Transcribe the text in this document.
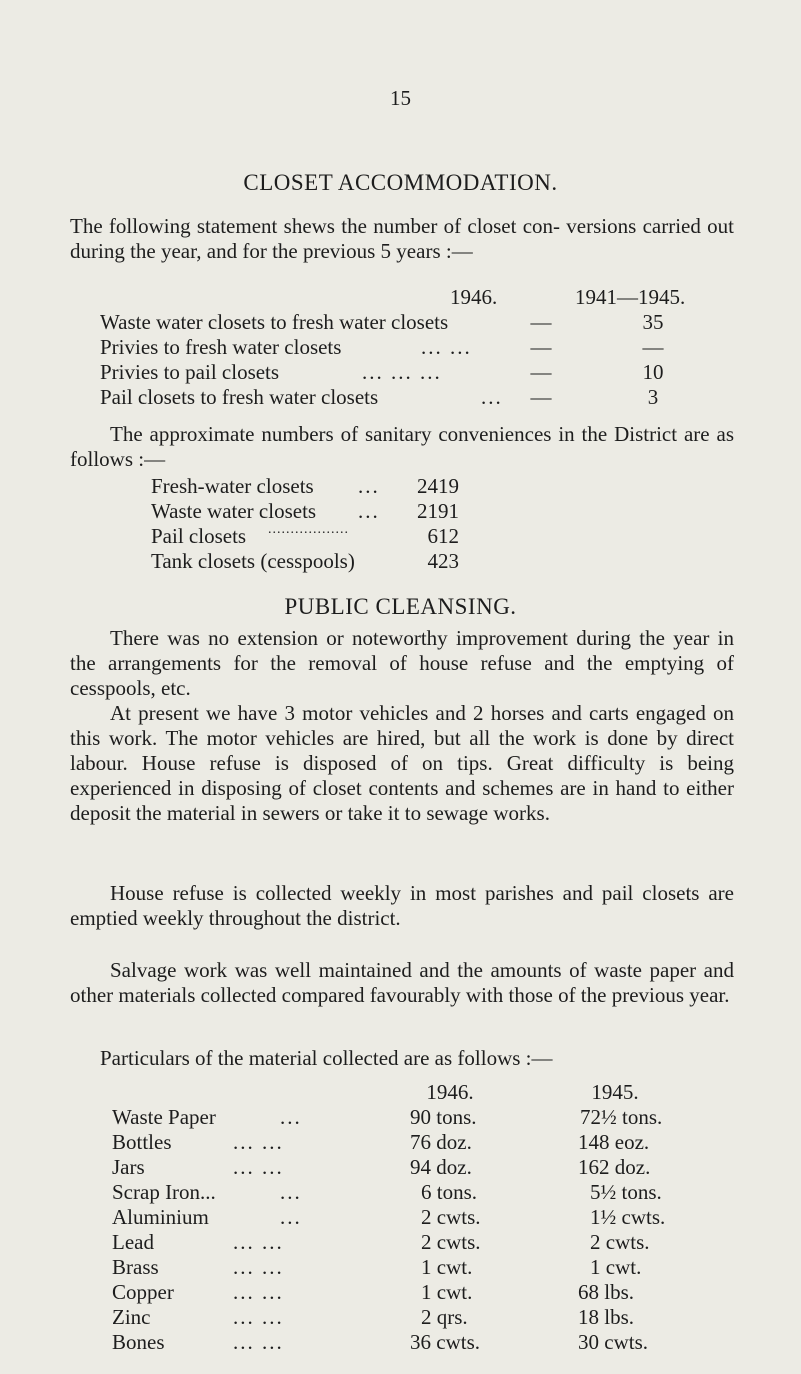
15
CLOSET ACCOMMODATION.
The following statement shews the number of closet con- versions carried out during the year, and for the previous 5 years :—
1946.	1941—1945.
Waste water closets to fresh water closets	—	35
Privies to fresh water closets	... ...	—	—
Privies to pail closets	... ... ...	—	10
Pail closets to fresh water closets	...	—	3
The approximate numbers of sanitary conveniences in the District are as follows :—
Fresh-water closets ...	2419
Waste water closets ...	2191
Pail closets ..................	612
Tank closets (cesspools)	423
PUBLIC CLEANSING.
There was no extension or noteworthy improvement during the year in the arrangements for the removal of house refuse and the emptying of cesspools, etc.
At present we have 3 motor vehicles and 2 horses and carts engaged on this work. The motor vehicles are hired, but all the work is done by direct labour. House refuse is disposed of on tips. Great difficulty is being experienced in disposing of closet contents and schemes are in hand to either deposit the material in sewers or take it to sewage works.
House refuse is collected weekly in most parishes and pail closets are emptied weekly throughout the district.
Salvage work was well maintained and the amounts of waste paper and other materials collected compared favourably with those of the previous year.
Particulars of the material collected are as follows :—
1946.	1945.
Waste Paper	...	90 tons.	72½ tons.
Bottles	... ...	76 doz.	148 eoz.
Jars	... ...	94 doz.	162 doz.
Scrap Iron...	...	6 tons.	5½ tons.
Aluminium	...	2 cwts.	1½ cwts.
Lead	... ...	2 cwts.	2 cwts.
Brass	... ...	1 cwt.	1 cwt.
Copper	... ...	1 cwt.	68 lbs.
Zinc	... ...	2 qrs.	18 lbs.
Bones	... ...	36 cwts.	30 cwts.
